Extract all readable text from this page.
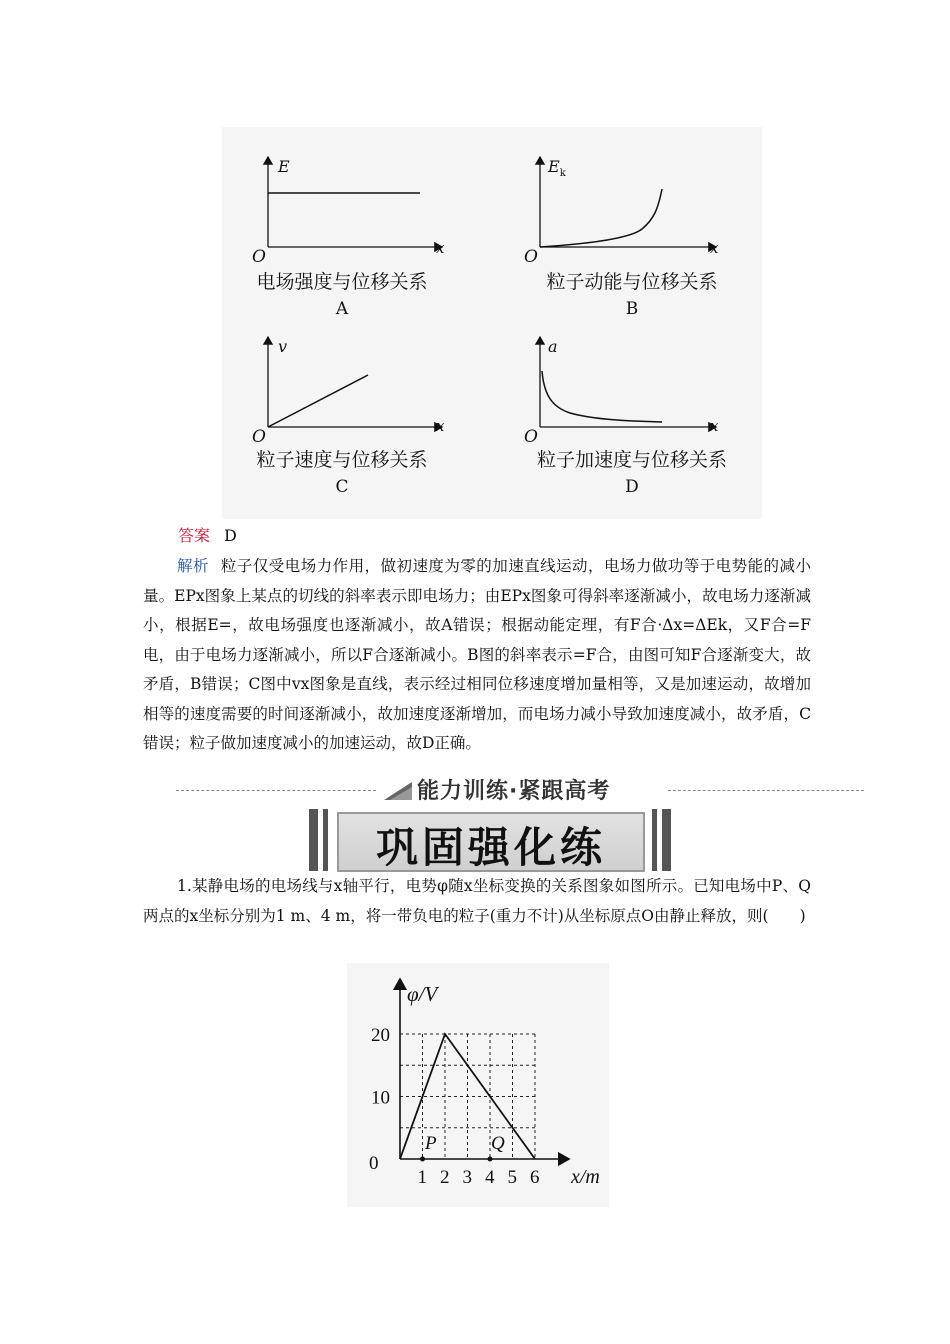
E
x
O
$E_k$
x
O
v
x
O
a
x
O
电场强度与位移关系
A
粒子动能与位移关系
B
粒子速度与位移关系
C
粒子加速度与位移关系
D
答案 D
解析 粒子仅受电场力作用，做初速度为零的加速直线运动，电场力做功等于电势能的减小量。EPx图象上某点的切线的斜率表示即电场力；由EPx图象可得斜率逐渐减小，故电场力逐渐减小，根据E=，故电场强度也逐渐减小，故A错误；根据动能定理，有F合·Δx=ΔEk，又F合=F电，由于电场力逐渐减小，所以F合逐渐减小。B图的斜率表示=F合，由图可知F合逐渐变大，故矛盾，B错误；C图中vx图象是直线，表示经过相同位移速度增加量相等，又是加速运动，故增加相等的速度需要的时间逐渐减小，故加速度逐渐增加，而电场力减小导致加速度减小，故矛盾，C错误；粒子做加速度减小的加速运动，故D正确。
能力训练·紧跟高考
巩固强化练
1.某静电场的电场线与x轴平行，电势φ随x坐标变换的关系图象如图所示。已知电场中P、Q两点的x坐标分别为1 m、4 m，将一带负电的粒子(重力不计)从坐标原点O由静止释放，则(　　)
1 2 3 4 5 6
20
10
0
φ/V
x/m
P	Q
